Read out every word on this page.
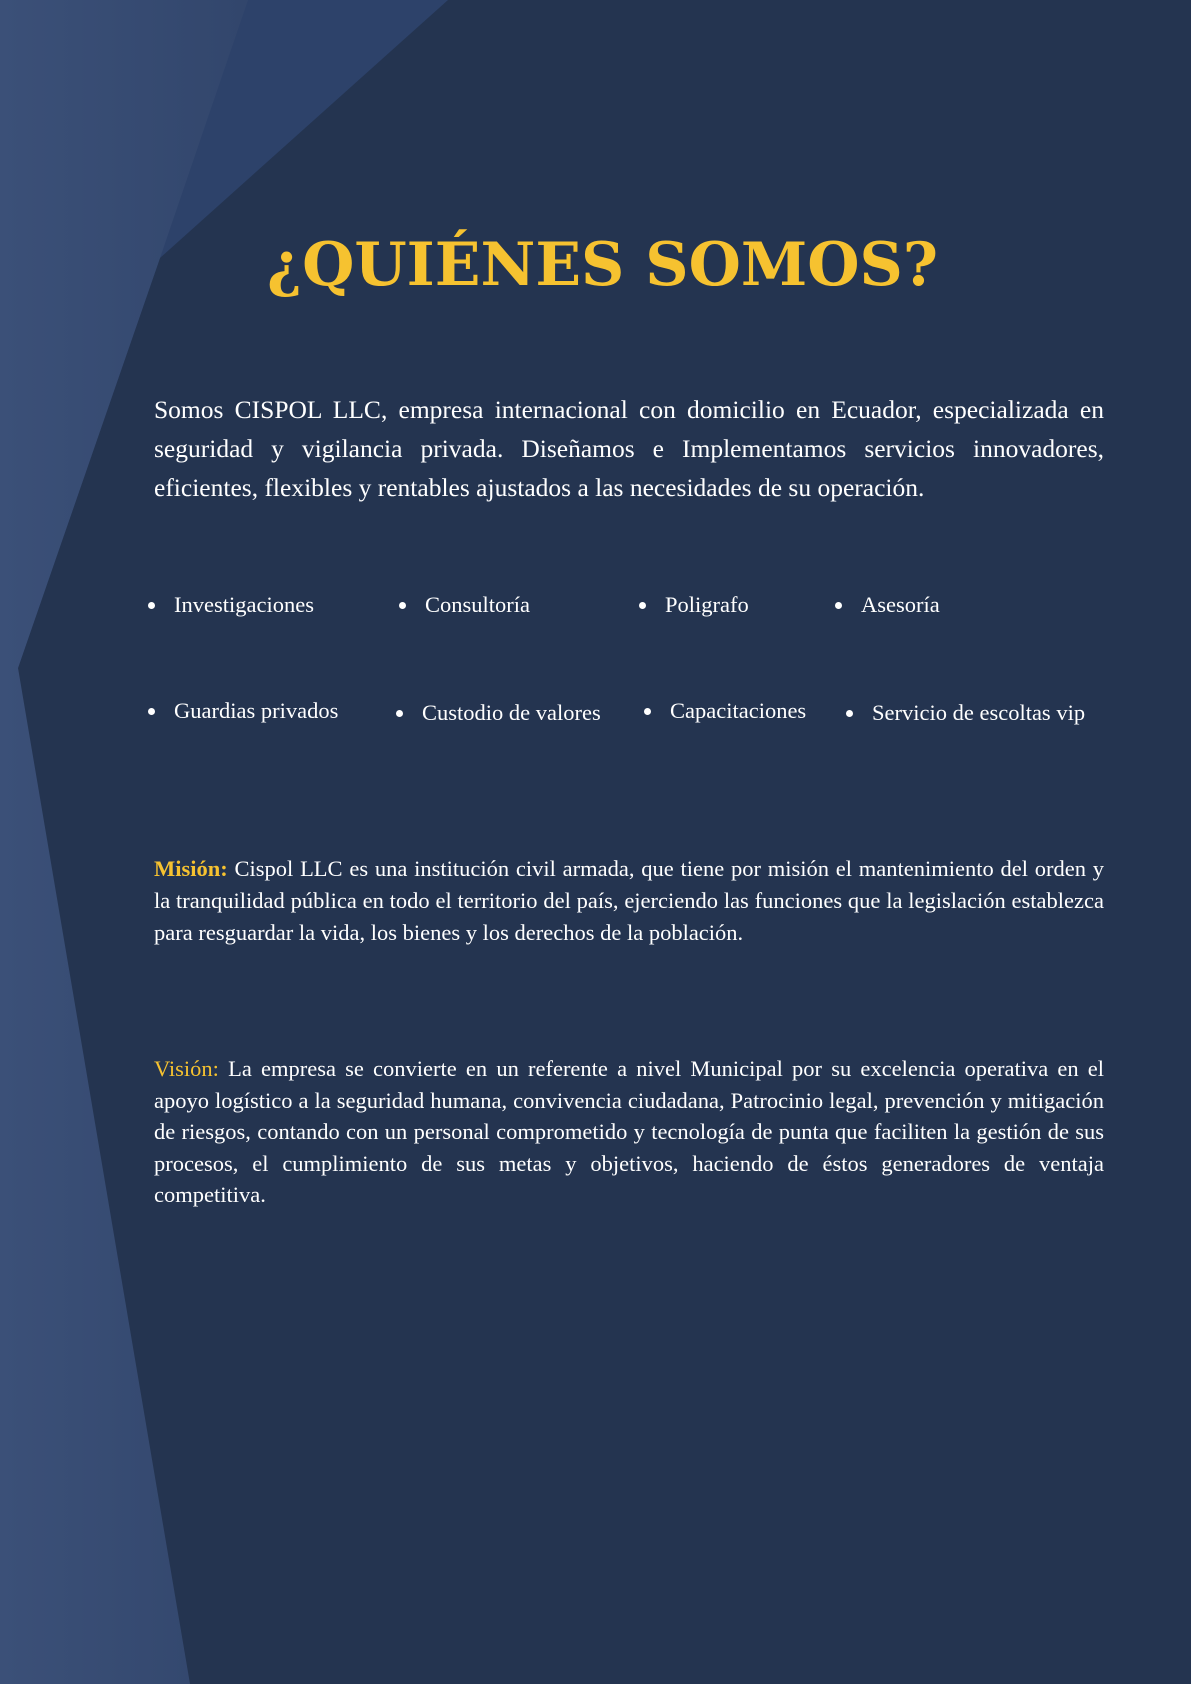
¿QUIÉNES SOMOS?

Somos CISPOL LLC, empresa internacional con domicilio en Ecuador, especializada en seguridad y vigilancia privada. Diseñamos e Implementamos servicios innovadores, eficientes, flexibles y rentables ajustados a las necesidades de su operación.

Investigaciones	Consultoría	Poligrafo	Asesoría
Guardias privados	Custodio de valores	Capacitaciones	Servicio de escoltas vip

Misión: Cispol LLC es una institución civil armada, que tiene por misión el mantenimiento del orden y la tranquilidad pública en todo el territorio del país, ejerciendo las funciones que la legislación establezca para resguardar la vida, los bienes y los derechos de la población.

Visión: La empresa se convierte en un referente a nivel Municipal por su excelencia operativa en el apoyo logístico a la seguridad humana, convivencia ciudadana, Patrocinio legal, prevención y mitigación de riesgos, contando con un personal comprometido y tecnología de punta que faciliten la gestión de sus procesos, el cumplimiento de sus metas y objetivos, haciendo de éstos generadores de ventaja competitiva.
